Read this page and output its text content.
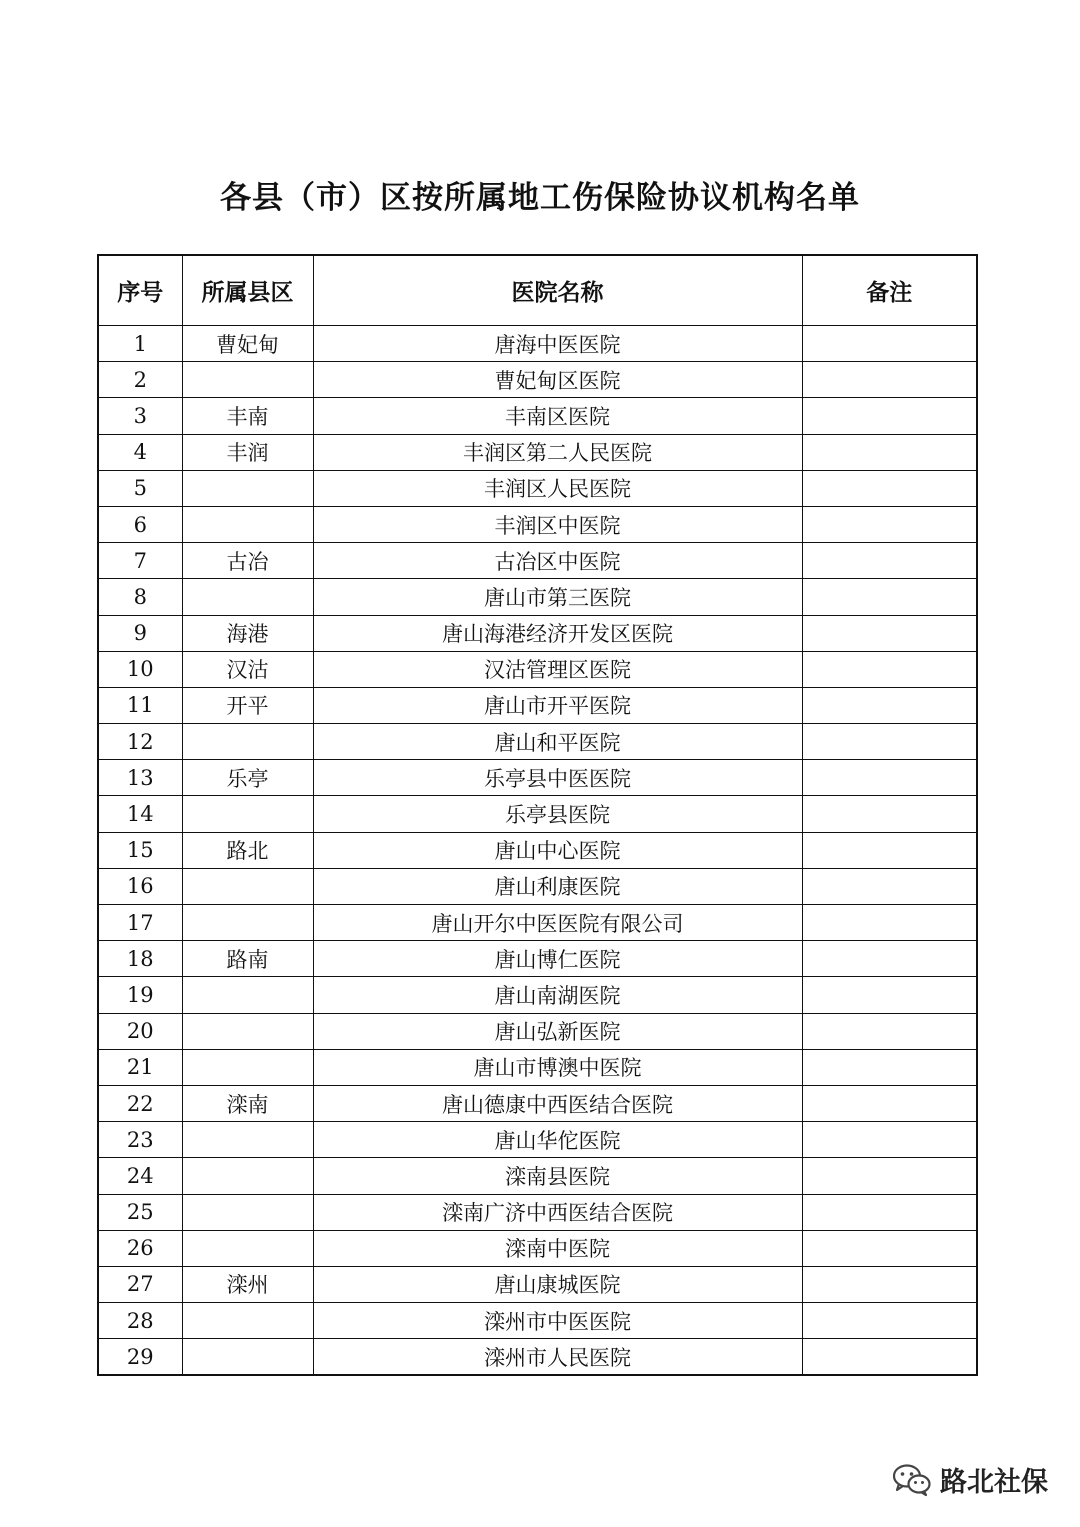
各县（市）区按所属地工伤保险协议机构名单
序号	所属县区	医院名称	备注
1	曹妃甸	唐海中医医院	
2		曹妃甸区医院	
3	丰南	丰南区医院	
4	丰润	丰润区第二人民医院	
5		丰润区人民医院	
6		丰润区中医院	
7	古冶	古冶区中医院	
8		唐山市第三医院	
9	海港	唐山海港经济开发区医院	
10	汉沽	汉沽管理区医院	
11	开平	唐山市开平医院	
12		唐山和平医院	
13	乐亭	乐亭县中医医院	
14		乐亭县医院	
15	路北	唐山中心医院	
16		唐山利康医院	
17		唐山开尔中医医院有限公司	
18	路南	唐山博仁医院	
19		唐山南湖医院	
20		唐山弘新医院	
21		唐山市博澳中医院	
22	滦南	唐山德康中西医结合医院	
23		唐山华佗医院	
24		滦南县医院	
25		滦南广济中西医结合医院	
26		滦南中医院	
27	滦州	唐山康城医院	
28		滦州市中医医院	
29		滦州市人民医院	
路北社保
